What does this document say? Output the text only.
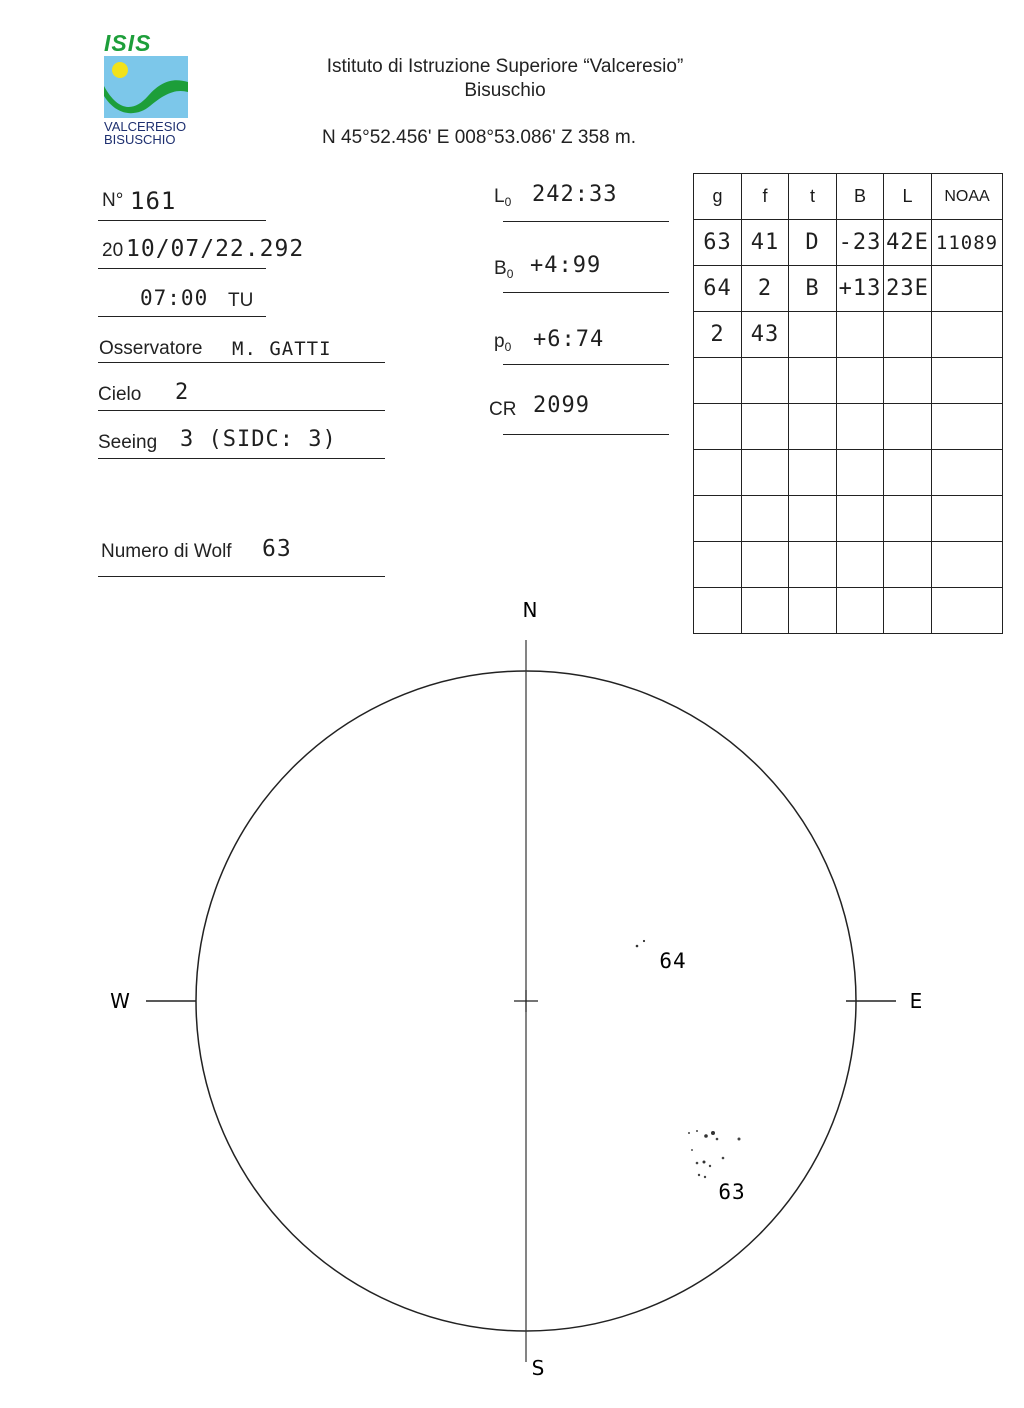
ISIS
VALCERESIO
BISUSCHIO
Istituto di Istruzione Superiore “Valceresio”
Bisuschio
N 45°52.456' E 008°53.086' Z 358 m.
N° 161
20 10/07/22.292
07:00 TU
Osservatore M. GATTI
Cielo 2
Seeing 3 (SIDC: 3)
Numero di Wolf 63
$L_0$ 242:33
$B_0$ +4:99
$p_0$ +6:74
CR 2099
g	f	t	B	L	NOAA
63	41	D	-23	42E	11089
64	2	B	+13	23E	
2	43				

N
S
E
W
64
63
